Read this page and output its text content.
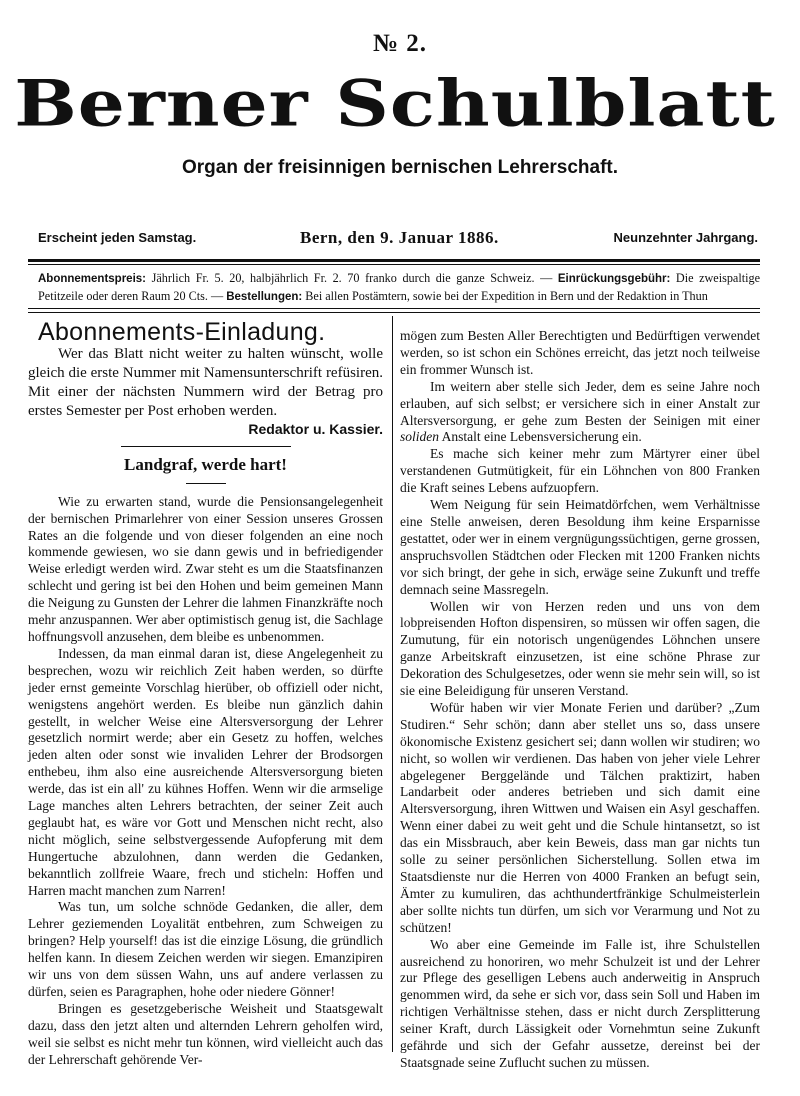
№ 2.
Berner Schulblatt
Organ der freisinnigen bernischen Lehrerschaft.
Erscheint jeden Samstag.	Bern, den 9. Januar 1886.	Neunzehnter Jahrgang.
Abonnementspreis: Jährlich Fr. 5. 20, halbjährlich Fr. 2. 70 franko durch die ganze Schweiz. — Einrückungsgebühr: Die zweispaltige Petitzeile oder deren Raum 20 Cts. — Bestellungen: Bei allen Postämtern, sowie bei der Expedition in Bern und der Redaktion in Thun
Abonnements-Einladung.

Wer das Blatt nicht weiter zu halten wünscht, wolle gleich die erste Nummer mit Namensunterschrift refüsiren. Mit einer der nächsten Nummern wird der Betrag pro erstes Semester per Post erhoben werden.

Redaktor u. Kassier.

Landgraf, werde hart!

Wie zu erwarten stand, wurde die Pensionsangelegenheit der bernischen Primarlehrer von einer Session unseres Grossen Rates an die folgende und von dieser folgenden an eine noch kommende gewiesen, wo sie dann gewis und in befriedigender Weise erledigt werden wird. Zwar steht es um die Staatsfinanzen schlecht und gering ist bei den Hohen und beim gemeinen Mann die Neigung zu Gunsten der Lehrer die lahmen Finanzkräfte noch mehr anzuspannen. Wer aber optimistisch genug ist, die Sachlage hoffnungsvoll anzusehen, dem bleibe es unbenommen.

Indessen, da man einmal daran ist, diese Angelegenheit zu besprechen, wozu wir reichlich Zeit haben werden, so dürfte jeder ernst gemeinte Vorschlag hierüber, ob offiziell oder nicht, wenigstens angehört werden. Es bleibe nun gänzlich dahin gestellt, in welcher Weise eine Altersversorgung der Lehrer gesetzlich normirt werde; aber ein Gesetz zu hoffen, welches jeden alten oder sonst wie invaliden Lehrer der Brodsorgen enthebeu, ihm also eine ausreichende Altersversorgung bieten werde, das ist ein all' zu kühnes Hoffen. Wenn wir die armselige Lage manches alten Lehrers betrachten, der seiner Zeit auch geglaubt hat, es wäre vor Gott und Menschen nicht recht, also nicht möglich, seine selbstvergessende Aufopferung mit dem Hungertuche abzulohnen, dann werden die Gedanken, bekanntlich zollfreie Waare, frech und sticheln: Hoffen und Harren macht manchen zum Narren!

Was tun, um solche schnöde Gedanken, die aller, dem Lehrer geziemenden Loyalität entbehren, zum Schweigen zu bringen? Help yourself! das ist die einzige Lösung, die gründlich helfen kann. In diesem Zeichen werden wir siegen. Emanzipiren wir uns von dem süssen Wahn, uns auf andere verlassen zu dürfen, seien es Paragraphen, hohe oder niedere Gönner!

Bringen es gesetzgeberische Weisheit und Staatsgewalt dazu, dass den jetzt alten und alternden Lehrern geholfen wird, weil sie selbst es nicht mehr tun können, wird vielleicht auch das der Lehrerschaft gehörende Ver-

mögen zum Besten Aller Berechtigten und Bedürftigen verwendet werden, so ist schon ein Schönes erreicht, das jetzt noch teilweise ein frommer Wunsch ist.

Im weitern aber stelle sich Jeder, dem es seine Jahre noch erlauben, auf sich selbst; er versichere sich in einer Anstalt zur Altersversorgung, er gehe zum Besten der Seinigen mit einer soliden Anstalt eine Lebensversicherung ein.

Es mache sich keiner mehr zum Märtyrer einer übel verstandenen Gutmütigkeit, für ein Löhnchen von 800 Franken die Kraft seines Lebens aufzuopfern.

Wem Neigung für sein Heimatdörfchen, wem Verhältnisse eine Stelle anweisen, deren Besoldung ihm keine Ersparnisse gestattet, oder wer in einem vergnügungssüchtigen, gerne grossen, anspruchsvollen Städtchen oder Flecken mit 1200 Franken nichts vor sich bringt, der gehe in sich, erwäge seine Zukunft und treffe demnach seine Massregeln.

Wollen wir von Herzen reden und uns von dem lobpreisenden Hofton dispensiren, so müssen wir offen sagen, die Zumutung, für ein notorisch ungenügendes Löhnchen unsere ganze Arbeitskraft einzusetzen, ist eine schöne Phrase zur Dekoration des Schulgesetzes, oder wenn sie mehr sein will, so ist sie eine Beleidigung für unseren Verstand.

Wofür haben wir vier Monate Ferien und darüber? „Zum Studiren.“ Sehr schön; dann aber stellet uns so, dass unsere ökonomische Existenz gesichert sei; dann wollen wir studiren; wo nicht, so wollen wir verdienen. Das haben von jeher viele Lehrer abgelegener Berggelände und Tälchen praktizirt, haben Landarbeit oder anderes betrieben und sich damit eine Altersversorgung, ihren Wittwen und Waisen ein Asyl geschaffen. Wenn einer dabei zu weit geht und die Schule hintansetzt, so ist das ein Missbrauch, aber kein Beweis, dass man gar nichts tun solle zu seiner persönlichen Sicherstellung. Sollen etwa im Staatsdienste nur die Herren von 4000 Franken an befugt sein, Ämter zu kumuliren, das achthundertfränkige Schulmeisterlein aber sollte nichts tun dürfen, um sich vor Verarmung und Not zu schützen!

Wo aber eine Gemeinde im Falle ist, ihre Schulstellen ausreichend zu honoriren, wo mehr Schulzeit ist und der Lehrer zur Pflege des geselligen Lebens auch anderweitig in Anspruch genommen wird, da sehe er sich vor, dass sein Soll und Haben im richtigen Verhältnisse stehen, dass er nicht durch Zersplitterung seiner Kraft, durch Lässigkeit oder Vornehmtun seine Zukunft gefährde und sich der Gefahr aussetze, dereinst bei der Staatsgnade seine Zuflucht suchen zu müssen.
